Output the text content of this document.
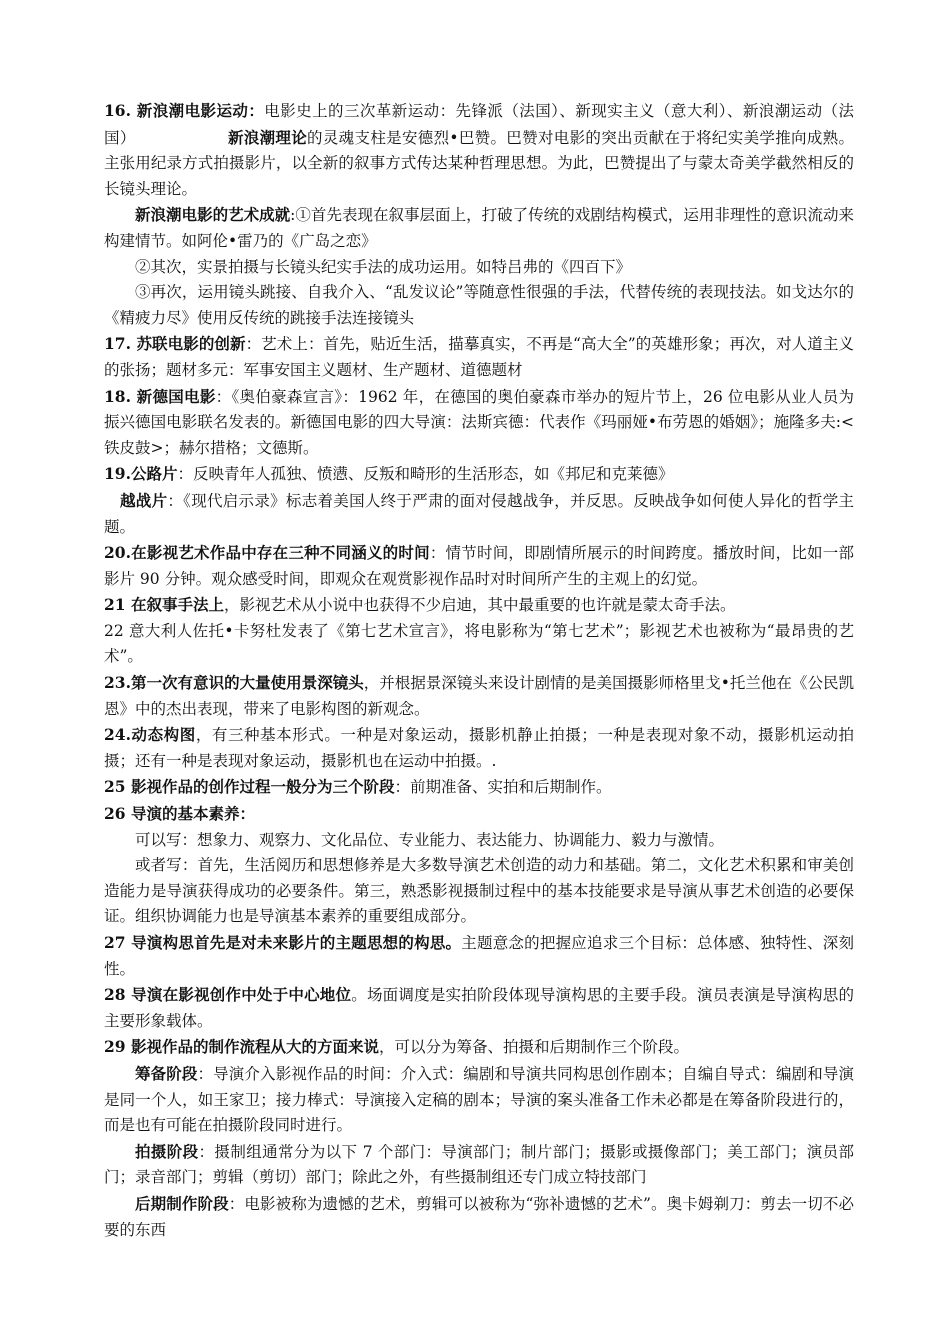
16. 新浪潮电影运动：电影史上的三次革新运动：先锋派（法国）、新现实主义（意大利）、新浪潮运动（法国）	新浪潮理论的灵魂支柱是安德烈•巴赞。巴赞对电影的突出贡献在于将纪实美学推向成熟。主张用纪录方式拍摄影片，以全新的叙事方式传达某种哲理思想。为此，巴赞提出了与蒙太奇美学截然相反的长镜头理论。

新浪潮电影的艺术成就:①首先表现在叙事层面上，打破了传统的戏剧结构模式，运用非理性的意识流动来构建情节。如阿伦•雷乃的《广岛之恋》

②其次，实景拍摄与长镜头纪实手法的成功运用。如特吕弗的《四百下》

③再次，运用镜头跳接、自我介入、“乱发议论”等随意性很强的手法，代替传统的表现技法。如戈达尔的《精疲力尽》使用反传统的跳接手法连接镜头

17. 苏联电影的创新：艺术上：首先，贴近生活，描摹真实，不再是“高大全”的英雄形象；再次，对人道主义的张扬；题材多元：军事安国主义题材、生产题材、道德题材

18. 新德国电影：《奥伯豪森宣言》：1962 年，在德国的奥伯豪森市举办的短片节上，26 位电影从业人员为振兴德国电影联名发表的。新德国电影的四大导演：法斯宾德：代表作《玛丽娅•布劳恩的婚姻》；施隆多夫:<铁皮鼓>；赫尔措格；文德斯。

19.公路片：反映青年人孤独、愤懑、反叛和畸形的生活形态，如《邦尼和克莱德》

越战片：《现代启示录》标志着美国人终于严肃的面对侵越战争，并反思。反映战争如何使人异化的哲学主题。

20.在影视艺术作品中存在三种不同涵义的时间：情节时间，即剧情所展示的时间跨度。播放时间，比如一部影片 90 分钟。观众感受时间，即观众在观赏影视作品时对时间所产生的主观上的幻觉。

21 在叙事手法上，影视艺术从小说中也获得不少启迪，其中最重要的也许就是蒙太奇手法。

22 意大利人佐托•卡努杜发表了《第七艺术宣言》，将电影称为“第七艺术”；影视艺术也被称为“最昂贵的艺术”。

23.第一次有意识的大量使用景深镜头，并根据景深镜头来设计剧情的是美国摄影师格里戈•托兰他在《公民凯恩》中的杰出表现，带来了电影构图的新观念。

24.动态构图，有三种基本形式。一种是对象运动，摄影机静止拍摄；一种是表现对象不动，摄影机运动拍摄；还有一种是表现对象运动，摄影机也在运动中拍摄。.

25 影视作品的创作过程一般分为三个阶段：前期准备、实拍和后期制作。

26 导演的基本素养：

可以写：想象力、观察力、文化品位、专业能力、表达能力、协调能力、毅力与激情。

或者写：首先，生活阅历和思想修养是大多数导演艺术创造的动力和基础。第二，文化艺术积累和审美创造能力是导演获得成功的必要条件。第三，熟悉影视摄制过程中的基本技能要求是导演从事艺术创造的必要保证。组织协调能力也是导演基本素养的重要组成部分。

27 导演构思首先是对未来影片的主题思想的构思。主题意念的把握应追求三个目标：总体感、独特性、深刻性。

28 导演在影视创作中处于中心地位。场面调度是实拍阶段体现导演构思的主要手段。演员表演是导演构思的主要形象载体。

29 影视作品的制作流程从大的方面来说，可以分为筹备、拍摄和后期制作三个阶段。

筹备阶段：导演介入影视作品的时间：介入式：编剧和导演共同构思创作剧本；自编自导式：编剧和导演是同一个人，如王家卫；接力棒式：导演接入定稿的剧本；导演的案头准备工作未必都是在筹备阶段进行的，而是也有可能在拍摄阶段同时进行。

拍摄阶段：摄制组通常分为以下 7 个部门：导演部门；制片部门；摄影或摄像部门；美工部门；演员部门；录音部门；剪辑（剪切）部门；除此之外，有些摄制组还专门成立特技部门

后期制作阶段：电影被称为遗憾的艺术，剪辑可以被称为“弥补遗憾的艺术”。奥卡姆剃刀：剪去一切不必要的东西
